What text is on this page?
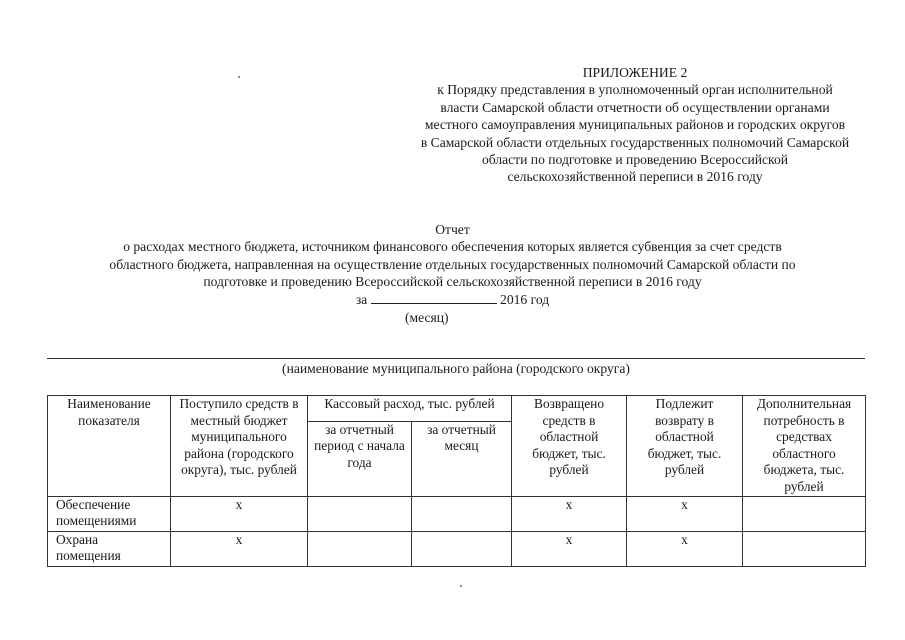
ПРИЛОЖЕНИЕ 2
к Порядку представления в уполномоченный орган исполнительной власти Самарской области отчетности об осуществлении органами местного самоуправления муниципальных районов и городских округов в Самарской области отдельных государственных полномочий Самарской области по подготовке и проведению Всероссийской сельскохозяйственной переписи в 2016 году
Отчет
о расходах местного бюджета, источником финансового обеспечения которых является субвенция за счет средств
областного бюджета, направленная на осуществление отдельных государственных полномочий Самарской области по
подготовке и проведению Всероссийской сельскохозяйственной переписи в 2016 году
за	2016 год
(месяц)
(наименование муниципального района (городского округа)
Наименование показателя	Поступило средств в местный бюджет муниципального района (городского округа), тыс. рублей	Кассовый расход, тыс. рублей		Возвращено средств в областной бюджет, тыс. рублей	Подлежит возврату в областной бюджет, тыс. рублей	Дополнительная потребность в средствах областного бюджета, тыс. рублей
		за отчетный период с начала года	за отчетный месяц			
Обеспечение помещениями	x			x	x	
Охрана помещения	x			x	x	
